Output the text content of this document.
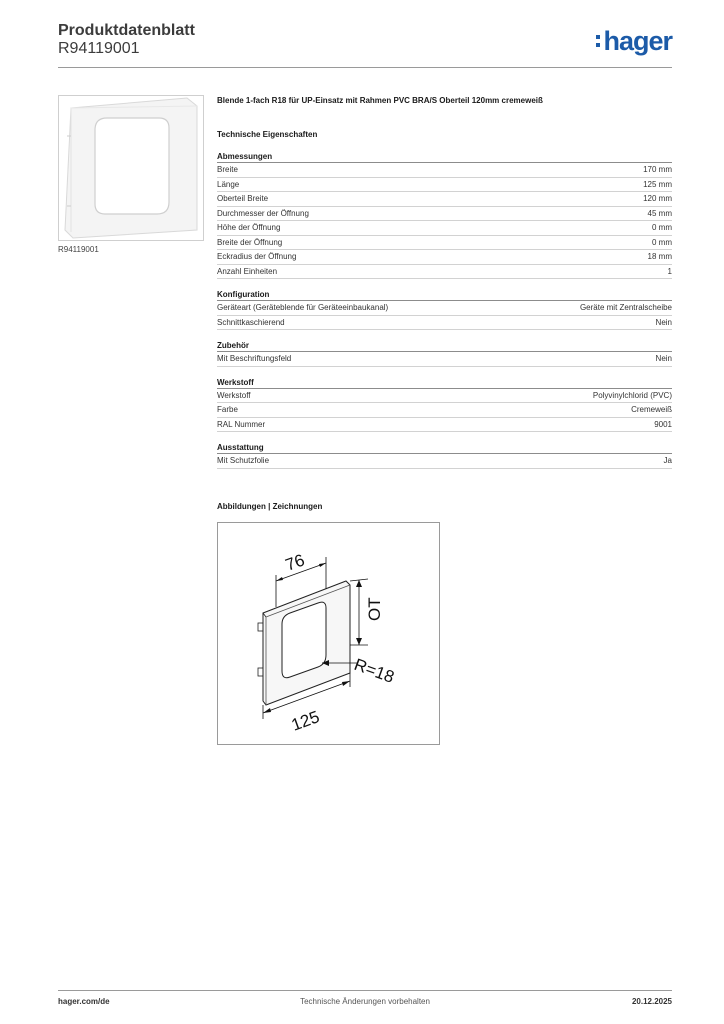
Produktdatenblatt
R94119001	hager
R94119001
Blende 1-fach R18 für UP-Einsatz mit Rahmen PVC BRA/S Oberteil 120mm cremeweiß
Technische Eigenschaften
Abmessungen
Breite	170 mm
Länge	125 mm
Oberteil Breite	120 mm
Durchmesser der Öffnung	45 mm
Höhe der Öffnung	0 mm
Breite der Öffnung	0 mm
Eckradius der Öffnung	18 mm
Anzahl Einheiten	1
Konfiguration
Geräteart (Geräteblende für Geräteeinbaukanal)	Geräte mit Zentralscheibe
Schnittkaschierend	Nein
Zubehör
Mit Beschriftungsfeld	Nein
Werkstoff
Werkstoff	Polyvinylchlorid (PVC)
Farbe	Cremeweiß
RAL Nummer	9001
Ausstattung
Mit Schutzfolie	Ja
Abbildungen | Zeichnungen
76
OT
R=18
125
hager.com/de	Technische Änderungen vorbehalten	20.12.2025
